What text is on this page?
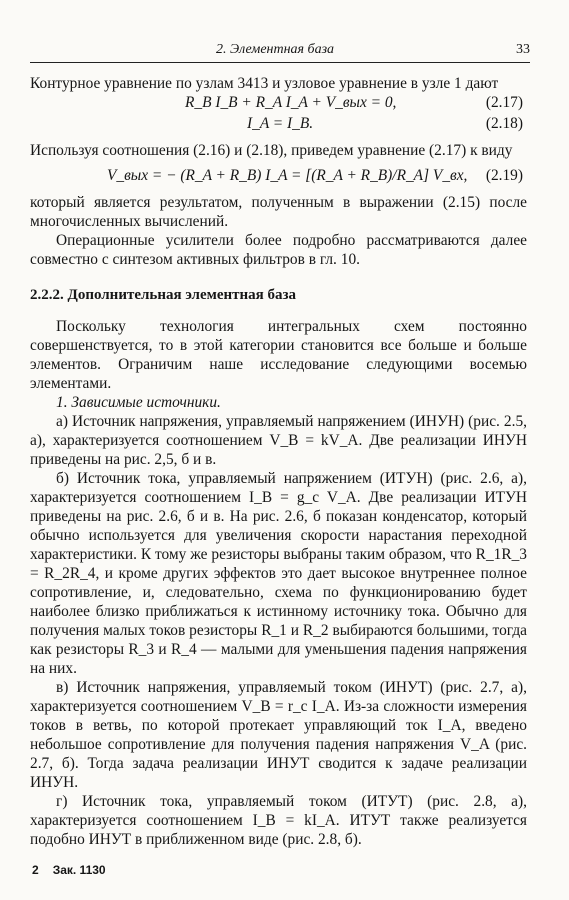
2. Элементная база	33

Контурное уравнение по узлам 3413 и узловое уравнение в узле 1 дают

R_B I_B + R_A I_A + V_вых = 0,	(2.17)
I_A = I_B.	(2.18)

Используя соотношения (2.16) и (2.18), приведем уравнение (2.17) к виду

V_вых = − (R_A + R_B) I_A = [(R_A + R_B)/R_A] V_вх, (2.19)

который является результатом, полученным в выражении (2.15) после многочисленных вычислений.

Операционные усилители более подробно рассматриваются далее совместно с синтезом активных фильтров в гл. 10.

2.2.2. Дополнительная элементная база

Поскольку технология интегральных схем постоянно совершенствуется, то в этой категории становится все больше и больше элементов. Ограничим наше исследование следующими восемью элементами.

1. Зависимые источники.

а) Источник напряжения, управляемый напряжением (ИНУН) (рис. 2.5, а), характеризуется соотношением V_B = kV_A. Две реализации ИНУН приведены на рис. 2,5, б и в.

б) Источник тока, управляемый напряжением (ИТУН) (рис. 2.6, а), характеризуется соотношением I_B = g_c V_A. Две реализации ИТУН приведены на рис. 2.6, б и в. На рис. 2.6, б показан конденсатор, который обычно используется для увеличения скорости нарастания переходной характеристики. К тому же резисторы выбраны таким образом, что R_1R_3 = R_2R_4, и кроме других эффектов это дает высокое внутреннее полное сопротивление, и, следовательно, схема по функционированию будет наиболее близко приближаться к истинному источнику тока. Обычно для получения малых токов резисторы R_1 и R_2 выбираются большими, тогда как резисторы R_3 и R_4 — малыми для уменьшения падения напряжения на них.

в) Источник напряжения, управляемый током (ИНУТ) (рис. 2.7, а), характеризуется соотношением V_B = r_c I_A. Из-за сложности измерения токов в ветвь, по которой протекает управляющий ток I_A, введено небольшое сопротивление для получения падения напряжения V_A (рис. 2.7, б). Тогда задача реализации ИНУТ сводится к задаче реализации ИНУН.

г) Источник тока, управляемый током (ИТУТ) (рис. 2.8, а), характеризуется соотношением I_B = kI_A. ИТУТ также реализуется подобно ИНУТ в приближенном виде (рис. 2.8, б).

2 Зак. 1130
